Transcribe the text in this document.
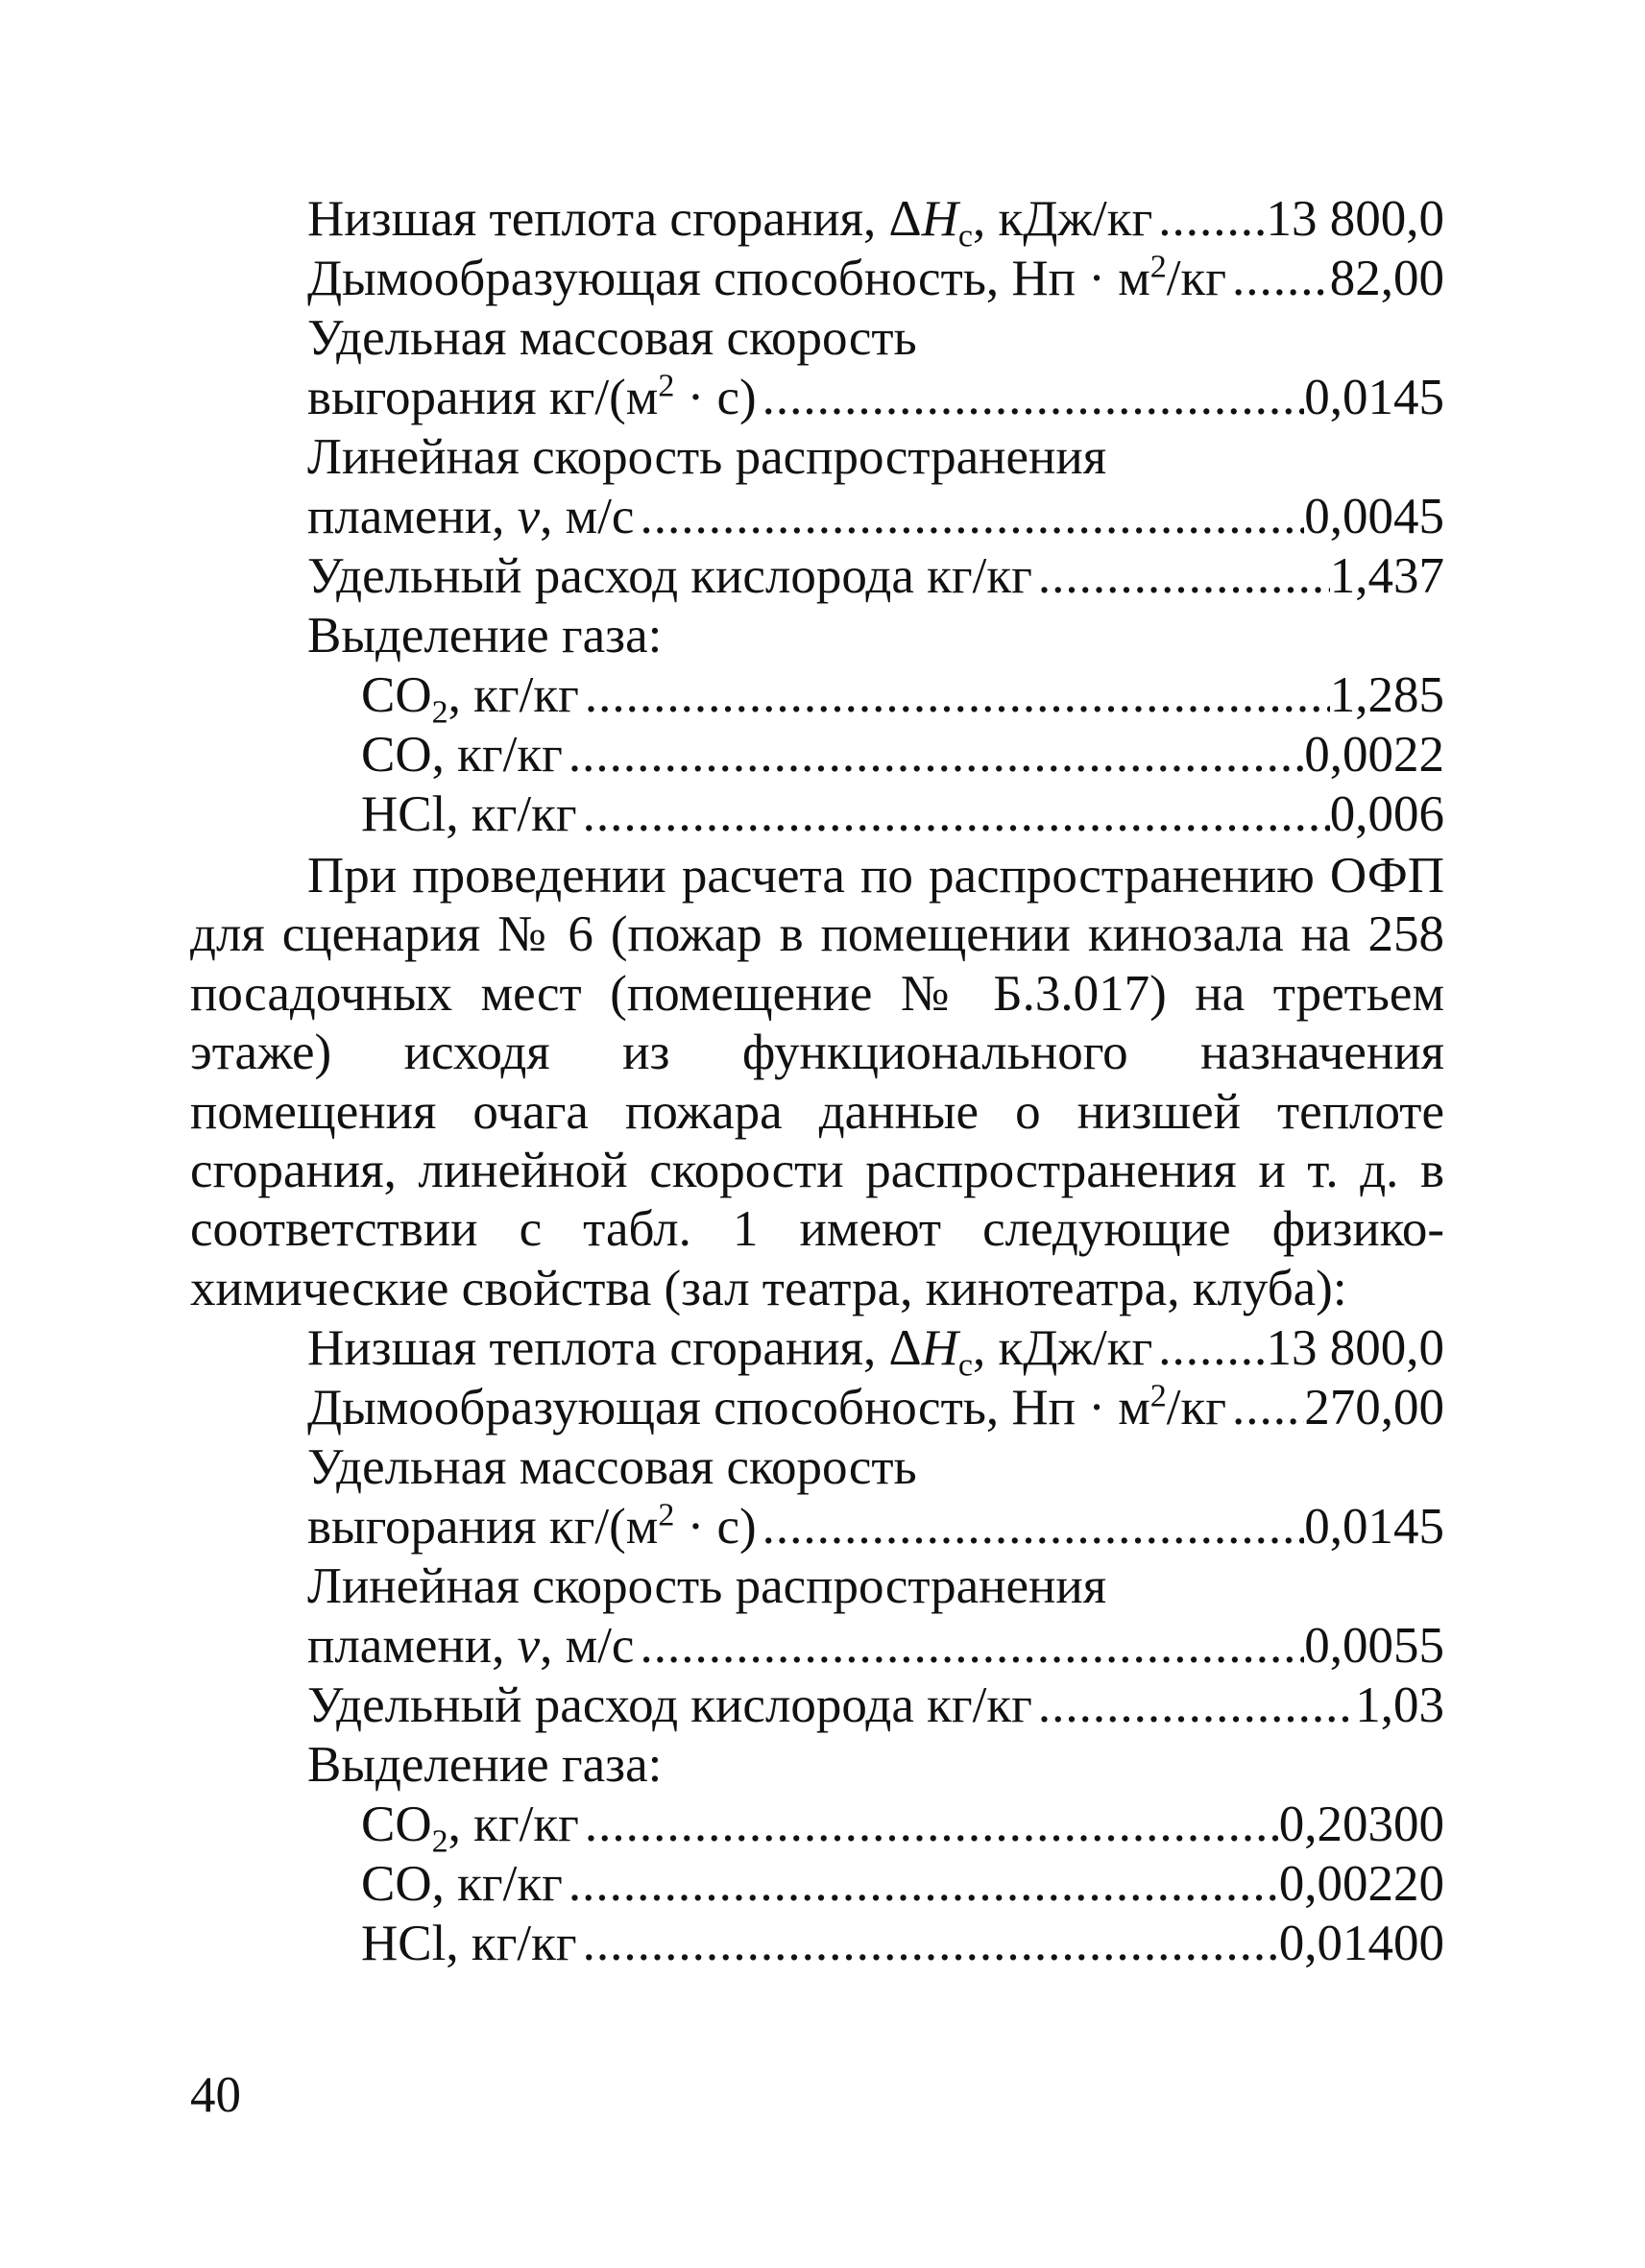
Низшая теплота сгорания, $\Delta H_с$, кДж/кг ..... 13 800,0
Дымообразующая способность, Нп · $м^2/кг$ ..... 82,00
Удельная массовая скорость
выгорания $кг/(м^2 \cdot с)$ .....	0,0145
Линейная скорость распространения
пламени, v, м/с .....	0,0045
Удельный расход кислорода кг/кг .....	1,437
Выделение газа:
$CO_2$, кг/кг .....	1,285
CO, кг/кг .....	0,0022
HCl, кг/кг .....	0,006
При проведении расчета по распространению ОФП для сценария № 6 (пожар в помещении кинозала на 258 посадочных мест (помещение № Б.3.017) на третьем этаже) исходя из функционального назначения помещения очага пожара данные о низшей теплоте сгорания, линейной скорости распространения и т. д. в соответствии с табл. 1 имеют следующие физико-химические свойства (зал театра, кинотеатра, клуба):
Низшая теплота сгорания, $\Delta H_с$, кДж/кг ..... 13 800,0
Дымообразующая способность, Нп · $м^2/кг$ ..... 270,00
Удельная массовая скорость
выгорания $кг/(м^2 \cdot с)$ .....	0,0145
Линейная скорость распространения
пламени, v, м/с .....	0,0055
Удельный расход кислорода кг/кг .....	1,03
Выделение газа:
$CO_2$, кг/кг .....	0,20300
CO, кг/кг .....	0,00220
HCl, кг/кг .....	0,01400
40
